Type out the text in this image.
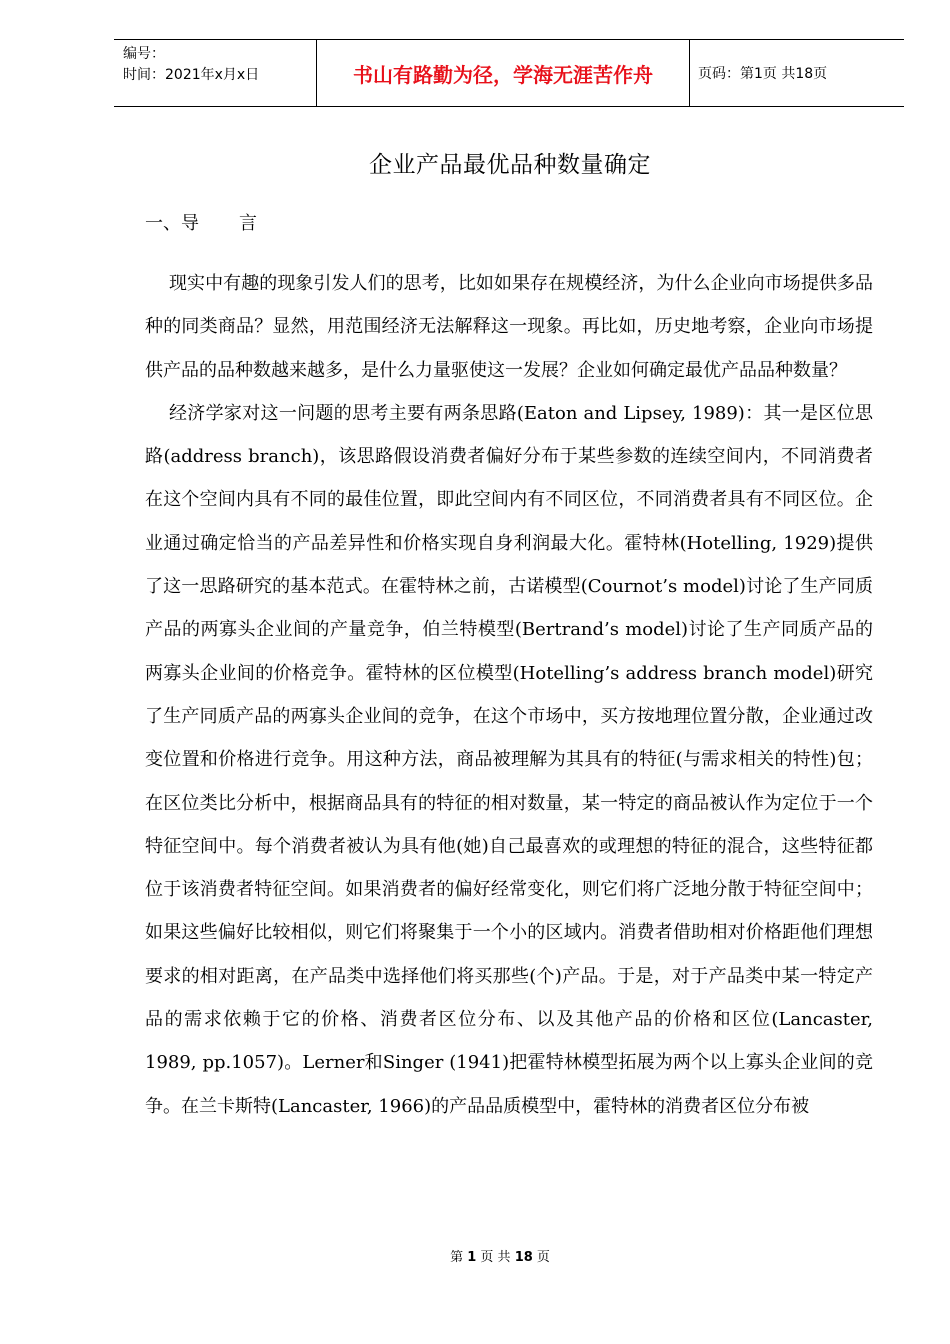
编号：
时间：2021年x月x日	书山有路勤为径，学海无涯苦作舟	页码：第1页 共18页
企业产品最优品种数量确定
一、导 言

现实中有趣的现象引发人们的思考，比如如果存在规模经济，为什么企业向市场提供多品种的同类商品？显然，用范围经济无法解释这一现象。再比如，历史地考察，企业向市场提供产品的品种数越来越多，是什么力量驱使这一发展？企业如何确定最优产品品种数量？

经济学家对这一问题的思考主要有两条思路(Eaton and Lipsey, 1989)：其一是区位思路(address branch)，该思路假设消费者偏好分布于某些参数的连续空间内，不同消费者在这个空间内具有不同的最佳位置，即此空间内有不同区位，不同消费者具有不同区位。企业通过确定恰当的产品差异性和价格实现自身利润最大化。霍特林(Hotelling, 1929)提供了这一思路研究的基本范式。在霍特林之前，古诺模型(Cournot’s model)讨论了生产同质产品的两寡头企业间的产量竞争，伯兰特模型(Bertrand’s model)讨论了生产同质产品的两寡头企业间的价格竞争。霍特林的区位模型(Hotelling’s address branch model)研究了生产同质产品的两寡头企业间的竞争，在这个市场中，买方按地理位置分散，企业通过改变位置和价格进行竞争。用这种方法，商品被理解为其具有的特征(与需求相关的特性)包；在区位类比分析中，根据商品具有的特征的相对数量，某一特定的商品被认作为定位于一个特征空间中。每个消费者被认为具有他(她)自己最喜欢的或理想的特征的混合，这些特征都位于该消费者特征空间。如果消费者的偏好经常变化，则它们将广泛地分散于特征空间中；如果这些偏好比较相似，则它们将聚集于一个小的区域内。消费者借助相对价格距他们理想要求的相对距离，在产品类中选择他们将买那些(个)产品。于是，对于产品类中某一特定产品的需求依赖于它的价格、消费者区位分布、以及其他产品的价格和区位(Lancaster, 1989, pp.1057)。Lerner和Singer (1941)把霍特林模型拓展为两个以上寡头企业间的竞争。在兰卡斯特(Lancaster, 1966)的产品品质模型中，霍特林的消费者区位分布被

第 1 页 共 18 页
